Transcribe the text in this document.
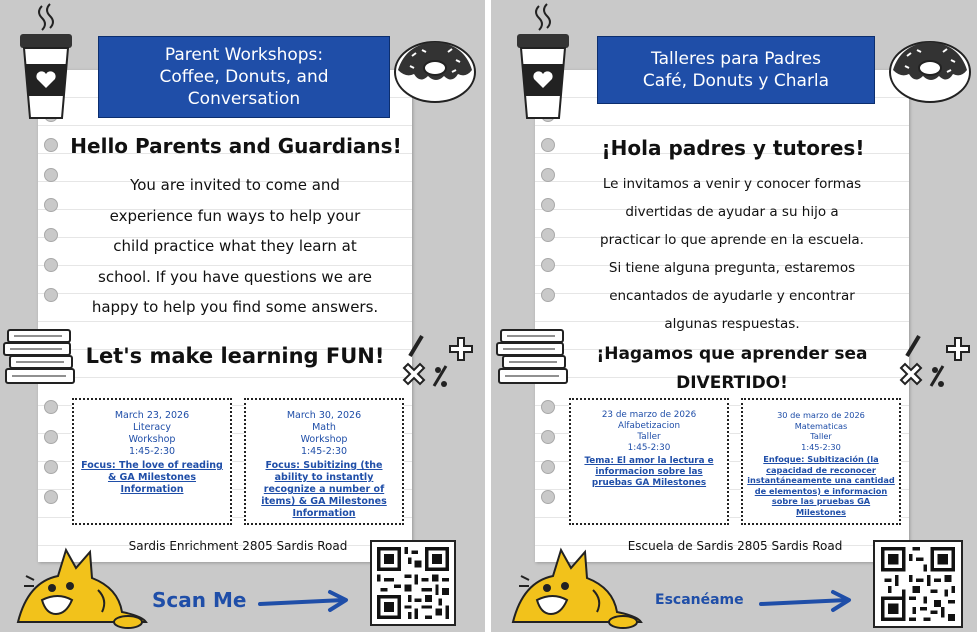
Parent Workshops:
Coffee, Donuts, and
Conversation
Hello Parents and Guardians!
You are invited to come and
experience fun ways to help your
child practice what they learn at
school. If you have questions we are
happy to help you find some answers.
Let's make learning FUN!
March 23, 2026
Literacy
Workshop
1:45-2:30
Focus: The love of reading & GA Milestones Information
March 30, 2026
Math
Workshop
1:45-2:30
Focus: Subitizing (the ability to instantly recognize a number of items) & GA Milestones Information
Sardis Enrichment 2805 Sardis Road
Scan Me
Talleres para Padres
Café, Donuts y Charla
¡Hola padres y tutores!
Le invitamos a venir y conocer formas
divertidas de ayudar a su hijo a
practicar lo que aprende en la escuela.
Si tiene alguna pregunta, estaremos
encantados de ayudarle y encontrar
algunas respuestas.
¡Hagamos que aprender sea
DIVERTIDO!
23 de marzo de 2026
Alfabetizacion
Taller
1:45-2:30
Tema: El amor la lectura e informacion sobre las pruebas GA Milestones
30 de marzo de 2026
Matematicas
Taller
1:45-2:30
Enfoque: Subitización (la capacidad de reconocer instantáneamente una cantidad de elementos) e informacion sobre las pruebas GA Milestones
Escuela de Sardis 2805 Sardis Road
Escanéame
